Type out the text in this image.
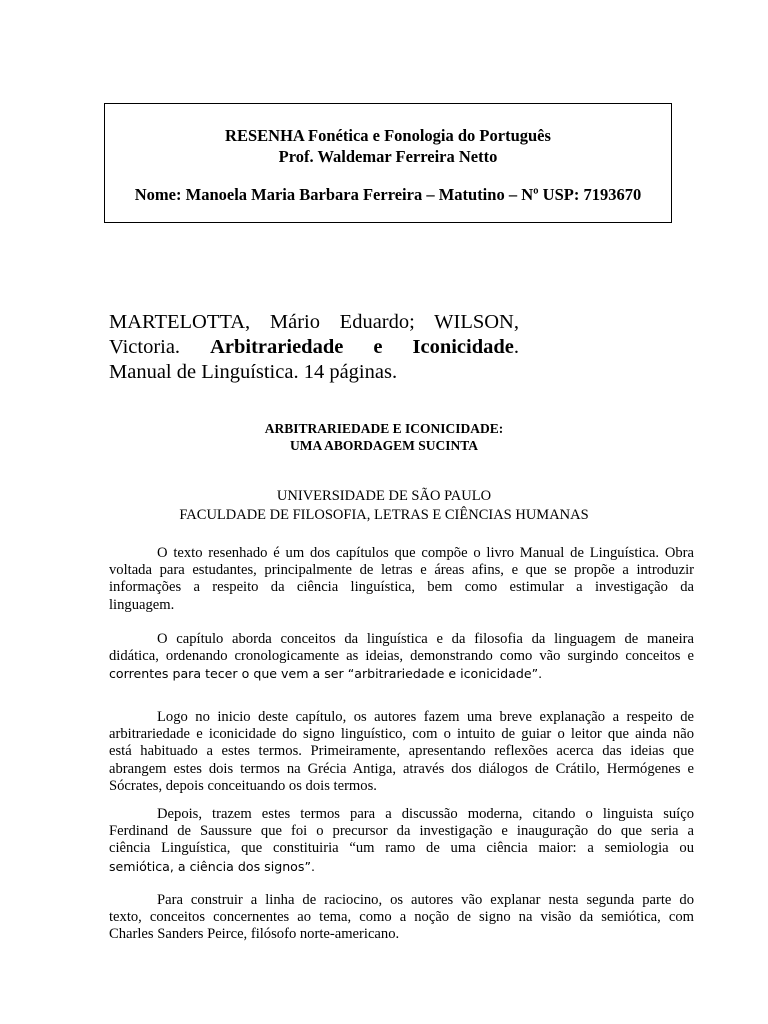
RESENHA Fonética e Fonologia do Português
Prof. Waldemar Ferreira Netto
Nome: Manoela Maria Barbara Ferreira – Matutino – Nº USP: 7193670
MARTELOTTA, Mário Eduardo; WILSON,
Victoria. Arbitrariedade e Iconicidade.
Manual de Linguística. 14 páginas.
ARBITRARIEDADE E ICONICIDADE:
UMA ABORDAGEM SUCINTA
UNIVERSIDADE DE SÃO PAULO
FACULDADE DE FILOSOFIA, LETRAS E CIÊNCIAS HUMANAS
O texto resenhado é um dos capítulos que compõe o livro Manual de Linguística. Obra
voltada para estudantes, principalmente de letras e áreas afins, e que se propõe a introduzir
informações a respeito da ciência linguística, bem como estimular a investigação da
linguagem.
O capítulo aborda conceitos da linguística e da filosofia da linguagem de maneira
didática, ordenando cronologicamente as ideias, demonstrando como vão surgindo conceitos e
correntes para tecer o que vem a ser “arbitrariedade e iconicidade”.
Logo no inicio deste capítulo, os autores fazem uma breve explanação a respeito de
arbitrariedade e iconicidade do signo linguístico, com o intuito de guiar o leitor que ainda não
está habituado a estes termos. Primeiramente, apresentando reflexões acerca das ideias que
abrangem estes dois termos na Grécia Antiga, através dos diálogos de Crátilo, Hermógenes e
Sócrates, depois conceituando os dois termos.
Depois, trazem estes termos para a discussão moderna, citando o linguista suíço
Ferdinand de Saussure que foi o precursor da investigação e inauguração do que seria a
ciência Linguística, que constituiria “um ramo de uma ciência maior: a semiologia ou
semiótica, a ciência dos signos”.
Para construir a linha de raciocino, os autores vão explanar nesta segunda parte do
texto, conceitos concernentes ao tema, como a noção de signo na visão da semiótica, com
Charles Sanders Peirce, filósofo norte-americano.
